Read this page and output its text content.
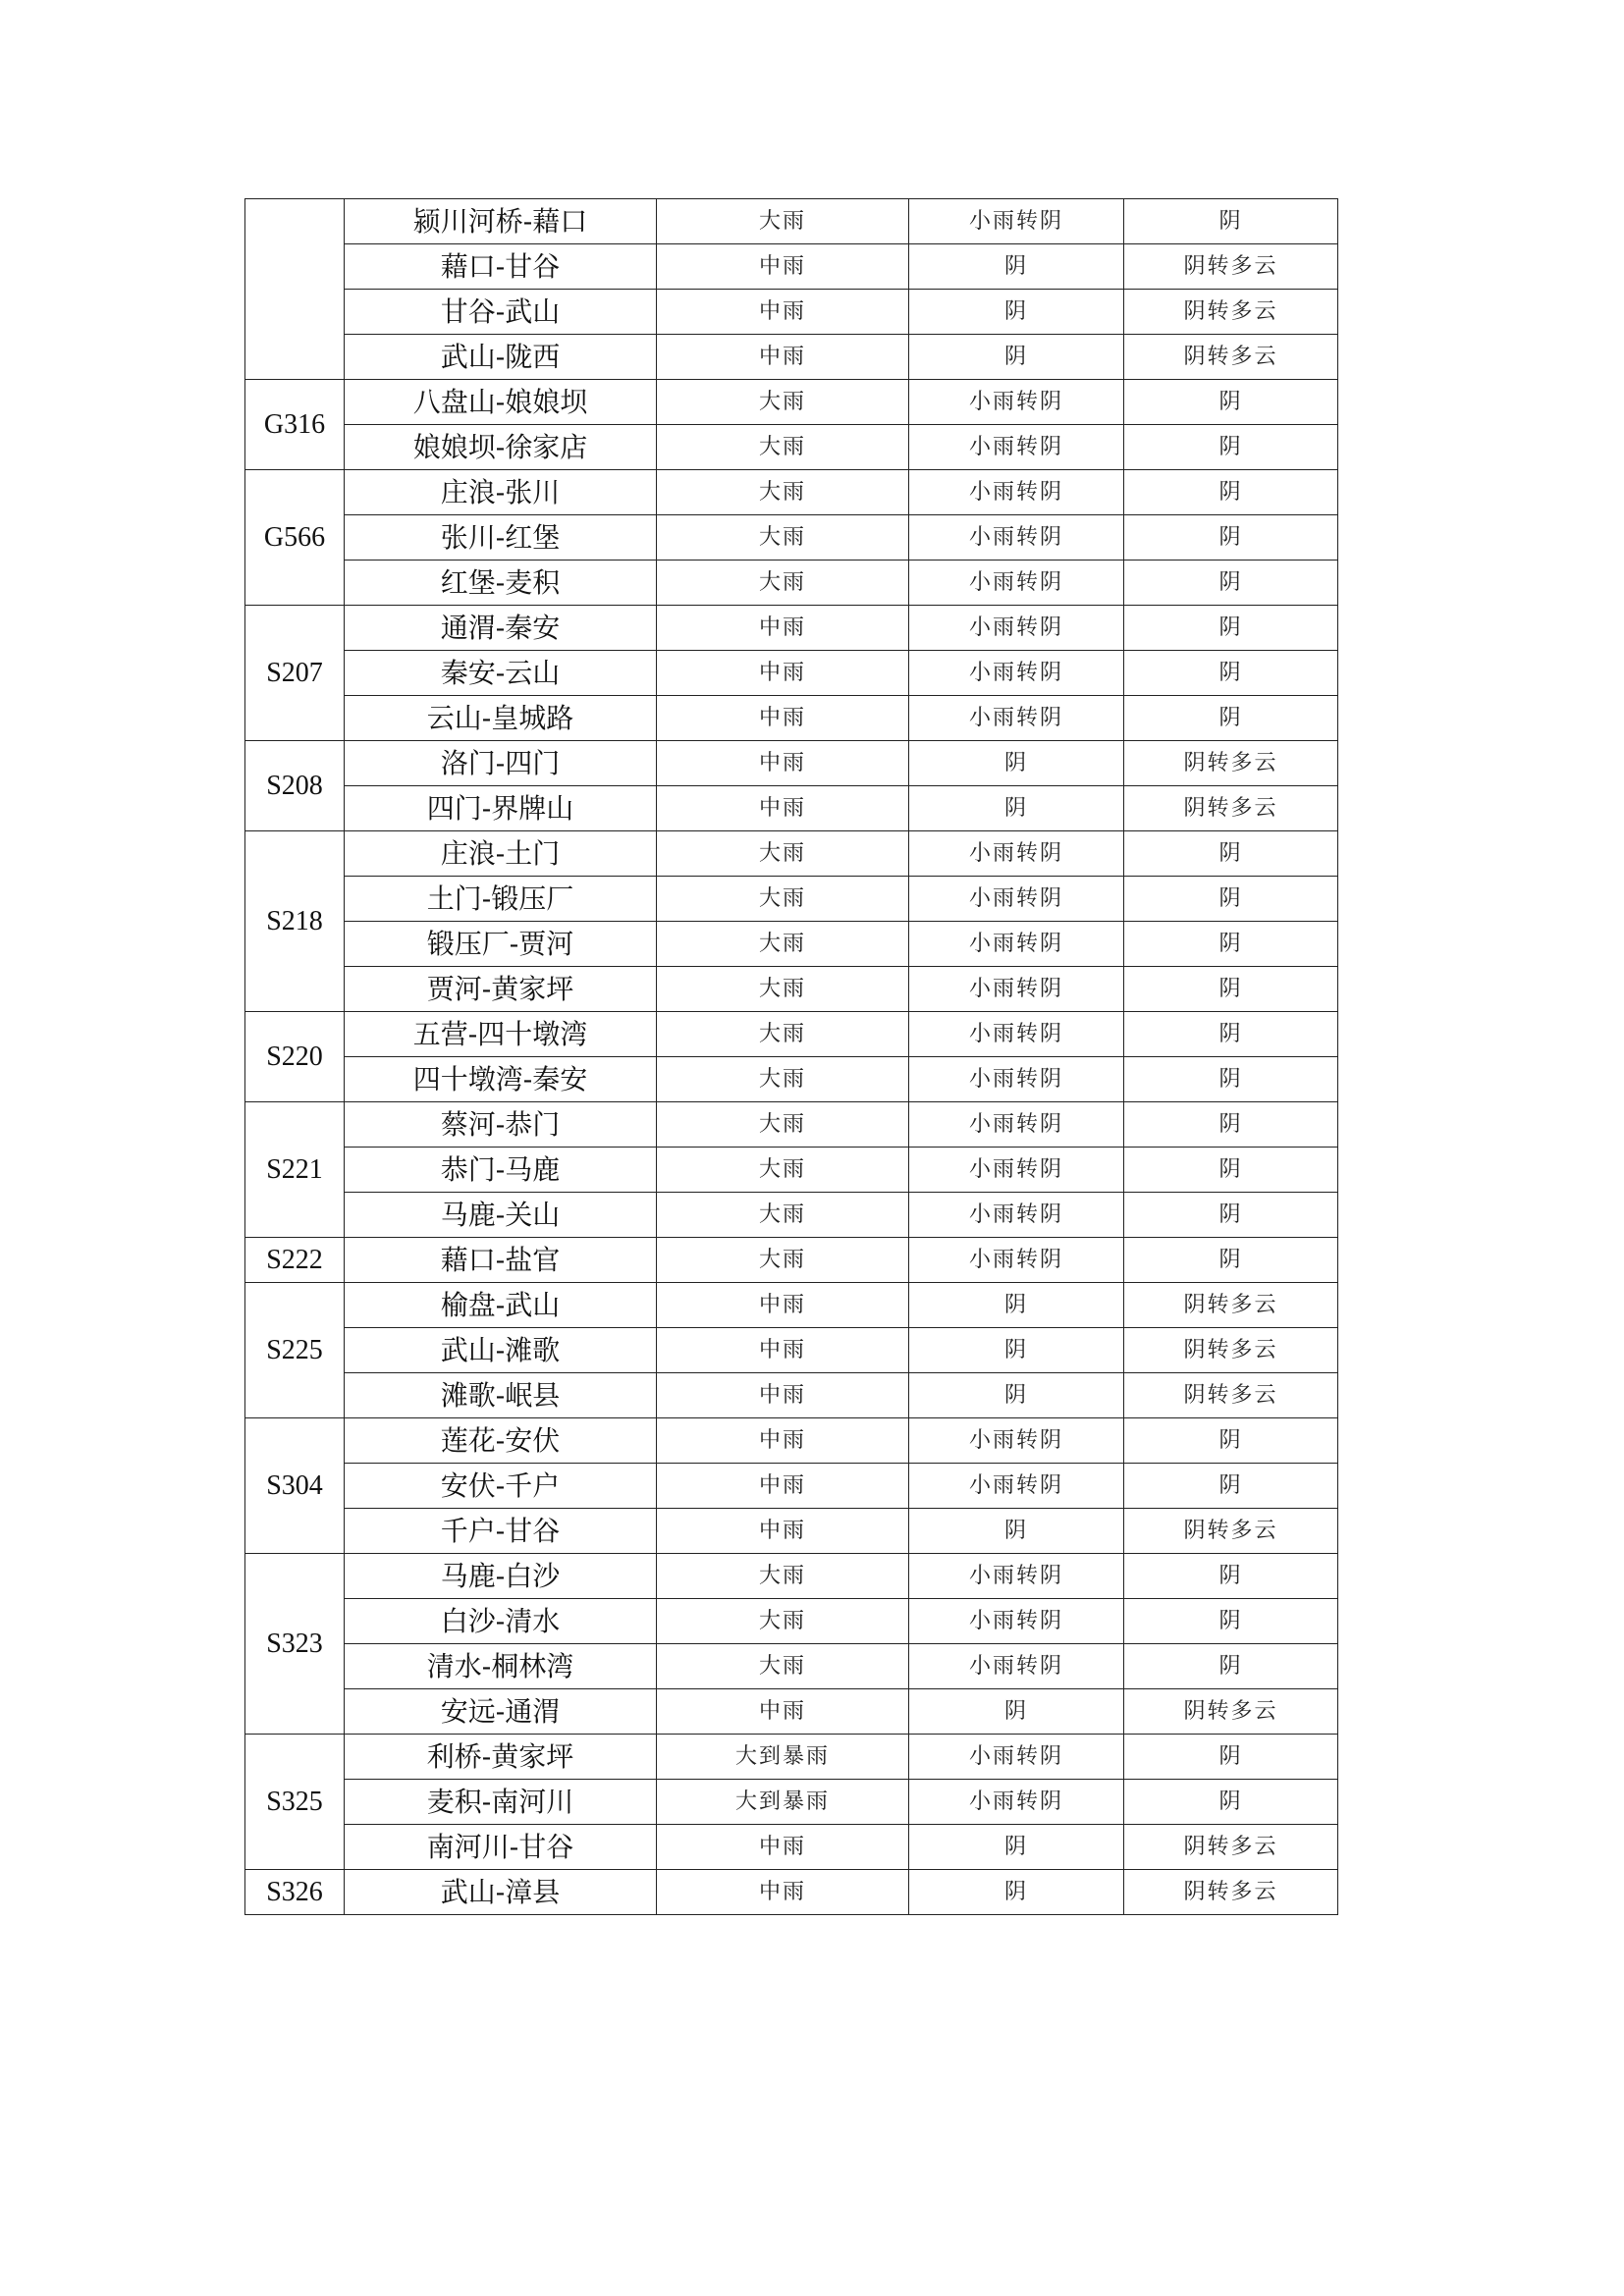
	颍川河桥-藉口	大雨	小雨转阴	阴
	藉口-甘谷	中雨	阴	阴转多云
	甘谷-武山	中雨	阴	阴转多云
	武山-陇西	中雨	阴	阴转多云
G316	八盘山-娘娘坝	大雨	小雨转阴	阴
	娘娘坝-徐家店	大雨	小雨转阴	阴
G566	庄浪-张川	大雨	小雨转阴	阴
	张川-红堡	大雨	小雨转阴	阴
	红堡-麦积	大雨	小雨转阴	阴
S207	通渭-秦安	中雨	小雨转阴	阴
	秦安-云山	中雨	小雨转阴	阴
	云山-皇城路	中雨	小雨转阴	阴
S208	洛门-四门	中雨	阴	阴转多云
	四门-界牌山	中雨	阴	阴转多云
S218	庄浪-土门	大雨	小雨转阴	阴
	土门-锻压厂	大雨	小雨转阴	阴
	锻压厂-贾河	大雨	小雨转阴	阴
	贾河-黄家坪	大雨	小雨转阴	阴
S220	五营-四十墩湾	大雨	小雨转阴	阴
	四十墩湾-秦安	大雨	小雨转阴	阴
S221	蔡河-恭门	大雨	小雨转阴	阴
	恭门-马鹿	大雨	小雨转阴	阴
	马鹿-关山	大雨	小雨转阴	阴
S222	藉口-盐官	大雨	小雨转阴	阴
S225	榆盘-武山	中雨	阴	阴转多云
	武山-滩歌	中雨	阴	阴转多云
	滩歌-岷县	中雨	阴	阴转多云
S304	莲花-安伏	中雨	小雨转阴	阴
	安伏-千户	中雨	小雨转阴	阴
	千户-甘谷	中雨	阴	阴转多云
S323	马鹿-白沙	大雨	小雨转阴	阴
	白沙-清水	大雨	小雨转阴	阴
	清水-桐林湾	大雨	小雨转阴	阴
	安远-通渭	中雨	阴	阴转多云
S325	利桥-黄家坪	大到暴雨	小雨转阴	阴
	麦积-南河川	大到暴雨	小雨转阴	阴
	南河川-甘谷	中雨	阴	阴转多云
S326	武山-漳县	中雨	阴	阴转多云
